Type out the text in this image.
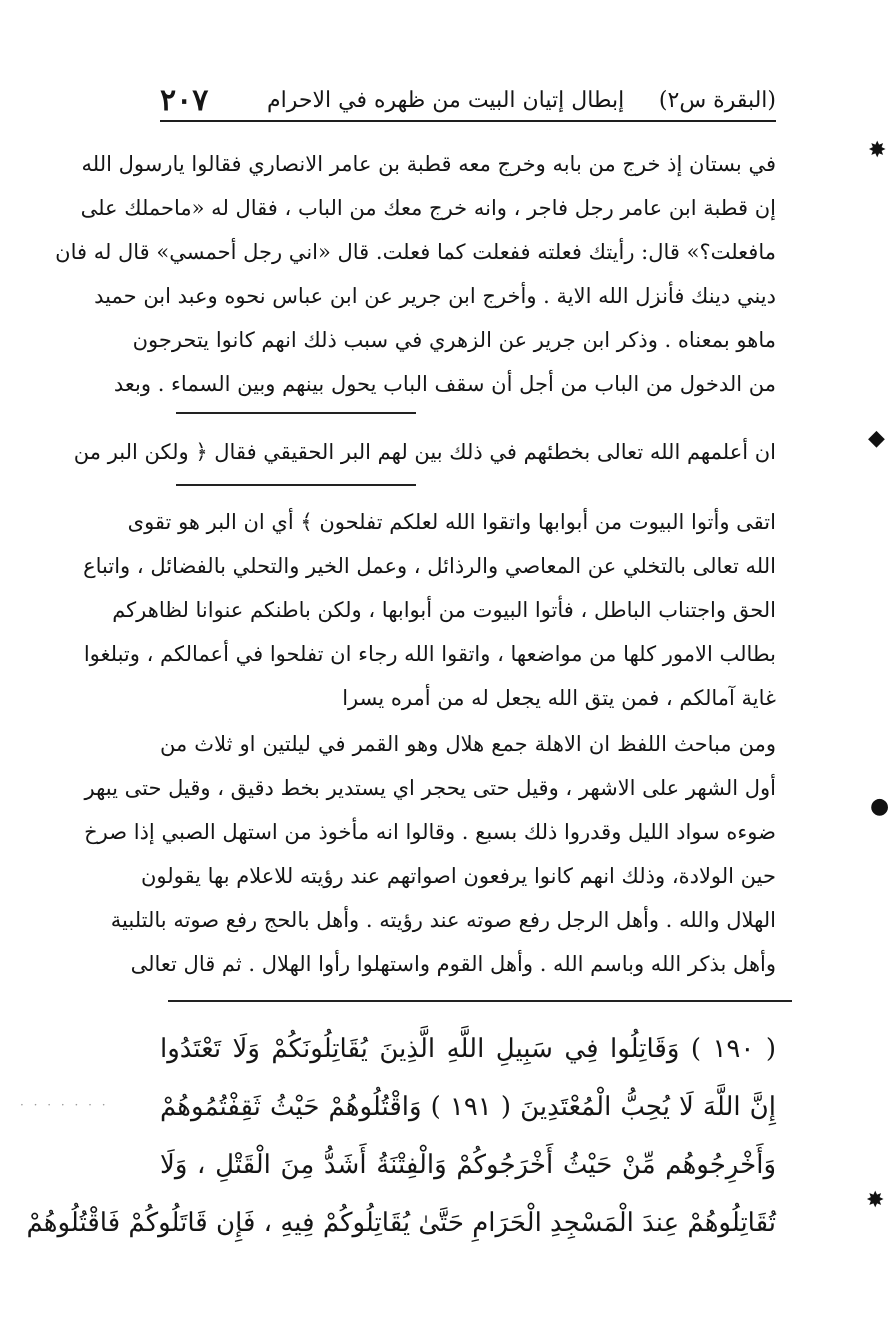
(البقرة س٢)
إبطال إتيان البيت من ظهره في الاحرام
٢٠٧
في بستان إذ خرج من بابه وخرج معه قطبة بن عامر الانصاري فقالوا يارسول الله
إن قطبة ابن عامر رجل فاجر ، وانه خرج معك من الباب ، فقال له «ماحملك على
مافعلت؟» قال: رأيتك فعلته ففعلت كما فعلت. قال «اني رجل أحمسي» قال له فان
ديني دينك فأنزل الله الاية . وأخرج ابن جرير عن ابن عباس نحوه وعبد ابن حميد
ماهو بمعناه . وذكر ابن جرير عن الزهري في سبب ذلك انهم كانوا يتحرجون
من الدخول من الباب من أجل أن سقف الباب يحول بينهم وبين السماء . وبعد
ان أعلمهم الله تعالى بخطئهم في ذلك بين لهم البر الحقيقي فقال ﴿ ولكن البر من
اتقى وأتوا البيوت من أبوابها واتقوا الله لعلكم تفلحون ﴾ أي ان البر هو تقوى
الله تعالى بالتخلي عن المعاصي والرذائل ، وعمل الخير والتحلي بالفضائل ، واتباع
الحق واجتناب الباطل ، فأتوا البيوت من أبوابها ، ولكن باطنكم عنوانا لظاهركم
بطالب الامور كلها من مواضعها ، واتقوا الله رجاء ان تفلحوا في أعمالكم ، وتبلغوا
غاية آمالكم ، فمن يتق الله يجعل له من أمره يسرا
ومن مباحث اللفظ ان الاهلة جمع هلال وهو القمر في ليلتين او ثلاث من
أول الشهر على الاشهر ، وقيل حتى يحجر اي يستدير بخط دقيق ، وقيل حتى يبهر
ضوءه سواد الليل وقدروا ذلك بسبع . وقالوا انه مأخوذ من استهل الصبي إذا صرخ
حين الولادة، وذلك انهم كانوا يرفعون اصواتهم عند رؤيته للاعلام بها يقولون
الهلال والله . وأهل الرجل رفع صوته عند رؤيته . وأهل بالحج رفع صوته بالتلبية
وأهل بذكر الله وباسم الله . وأهل القوم واستهلوا رأوا الهلال . ثم قال تعالى
( ١٩٠ ) وَقَاتِلُوا فِي سَبِيلِ اللَّهِ الَّذِينَ يُقَاتِلُونَكُمْ وَلَا تَعْتَدُوا
إِنَّ اللَّهَ لَا يُحِبُّ الْمُعْتَدِينَ ( ١٩١ ) وَاقْتُلُوهُمْ حَيْثُ ثَقِفْتُمُوهُمْ
وَأَخْرِجُوهُم مِّنْ حَيْثُ أَخْرَجُوكُمْ وَالْفِتْنَةُ أَشَدُّ مِنَ الْقَتْلِ ، وَلَا
تُقَاتِلُوهُمْ عِندَ الْمَسْجِدِ الْحَرَامِ حَتَّىٰ يُقَاتِلُوكُمْ فِيهِ ، فَإِن قَاتَلُوكُمْ فَاقْتُلُوهُمْ
✸
◆
●
✸
· · · · · · ·
